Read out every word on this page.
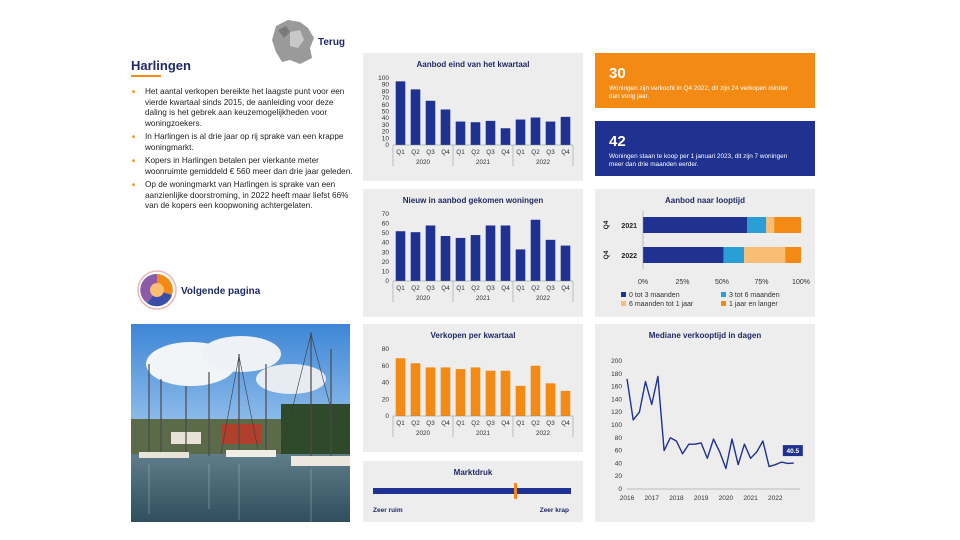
Terug
Harlingen
■ Het aantal verkopen bereikte het laagste punt voor een vierde kwartaal sinds 2015, de aanleiding voor deze daling is het gebrek aan keuzemogelijkheden voor woningzoekers.
■ In Harlingen is al drie jaar op rij sprake van een krappe woningmarkt.
■ Kopers in Harlingen betalen per vierkante meter woonruimte gemiddeld € 560 meer dan drie jaar geleden.
■ Op de woningmarkt van Harlingen is sprake van een aanzienlijke doorstroming, in 2022 heeft maar liefst 66% van de kopers een koopwoning achtergelaten.
Volgende pagina
Aanbod eind van het kwartaal
0
10
20
30
40
50
60
70
80
90
100
Q1 Q2 Q3 Q4 Q1 Q2 Q3 Q4 Q1 Q2 Q3 Q4
2020	2021	2022
Nieuw in aanbod gekomen woningen
0
10
20
30
40
50
60
70
Q1 Q2 Q3 Q4 Q1 Q2 Q3 Q4 Q1 Q2 Q3 Q4
2020	2021	2022
Verkopen per kwartaal
0
20
40
60
80
Q1 Q2 Q3 Q4 Q1 Q2 Q3 Q4 Q1 Q2 Q3 Q4
2020	2021	2022
Marktdruk
Zeer ruim	Zeer krap
30
Woningen zijn verkocht in Q4 2022, dit zijn 24 verkopen minder dan vorig jaar.
42
Woningen staan te koop per 1 januari 2023, dit zijn 7 woningen meer dan drie maanden eerder.
Aanbod naar looptijd
2021
Q4
2022
Q4
0%	25%	50%	75%	100%
0 tot 3 maanden	3 tot 6 maanden
6 maanden tot 1 jaar	1 jaar en langer
Mediane verkooptijd in dagen
0
20
40
60
80
100
120
140
160
180
200
2016 2017 2018 2019 2020 2021 2022
40.5
